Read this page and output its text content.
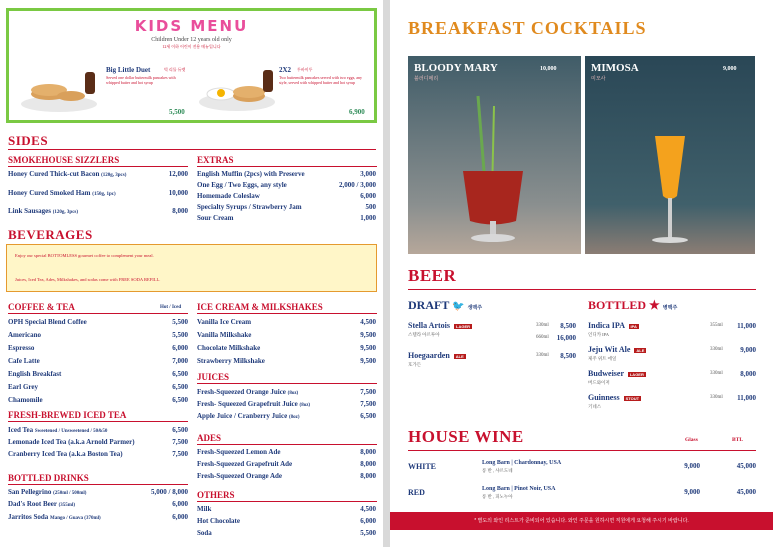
KIDS MENU
Children Under 12 years old only
12세 이하 어린이 전용 메뉴입니다
Big Little Duet	빅 리틀 듀엣
Served one dollar buttermilk pancakes with whipped butter and hot syrup
5,500
2X2 투바이투
Two buttermilk pancakes served with two eggs, any style, served with whipped butter and hot syrup
6,900
SIDES
SMOKEHOUSE SIZZLERS
Honey Cured Thick-cut Bacon (120g, 3pcs)	12,000
Honey Cured Smoked Ham (150g, 1pc)	10,000
Link Sausages (120g, 3pcs)	8,000
EXTRAS
English Muffin (2pcs) with Preserve	3,000
One Egg / Two Eggs, any style	2,000 / 3,000
Homemade Coleslaw	6,000
Specialty Syrups / Strawberry Jam	500
Sour Cream	1,000
BEVERAGES
Enjoy our special BOTTOMLESS gourmet coffee to complement your meal.
Juices, Iced Tea, Ades, Milkshakes, and sodas come with FREE SODA REFILL.
COFFEE & TEA	Hot / Iced
OPH Special Blend Coffee	5,500
Americano	5,500
Espresso	6,000
Cafe Latte	7,000
English Breakfast	6,500
Earl Grey	6,500
Chamomile	6,500
FRESH-BREWED ICED TEA
Iced Tea Sweetened / Unsweetened / 50&50	6,500
Lemonade Iced Tea (a.k.a Arnold Parmer)	7,500
Cranberry Iced Tea (a.k.a Boston Tea)	7,500
BOTTLED DRINKS
San Pellegrino (250ml / 500ml)	5,000 / 8,000
Dad's Root Beer (355ml)	6,000
Jarritos Soda Mango / Guava (370ml)	6,000
ICE CREAM & MILKSHAKES
Vanilla Ice Cream	4,500
Vanilla Milkshake	9,500
Chocolate Milkshake	9,500
Strawberry Milkshake	9,500
JUICES
Fresh-Squeezed Orange Juice (8oz)	7,500
Fresh- Squeezed Grapefruit Juice (8oz)	7,500
Apple Juice / Cranberry Juice (8oz)	6,500
ADES
Fresh-Squeezed Lemon Ade	8,000
Fresh-Squeezed Grapefruit Ade	8,000
Fresh-Squeezed Orange Ade	8,000
OTHERS
Milk	4,500
Hot Chocolate	6,000
Soda	5,500
BREAKFAST COCKTAILS
BLOODY MARY
블러디메리
10,000	MIMOSA
미모사
9,000
BEER
DRAFT 🐦 생맥주
Stella Artois LAGER
스텔라 아르투아
330ml	8,500
660ml	16,000
Hoegaarden ALE
호가든
330ml	8,500
BOTTLED ★ 병맥주
Indica IPA IPA
인디카 IPA
355ml	11,000
Jeju Wit Ale ALE
제주 위트 에일
330ml	9,000
Budweiser LAGER
버드와이저
330ml	8,000
Guinness STOUT
기네스
330ml	11,000
HOUSE WINE	Glass	BTL
WHITE	Long Barn | Chardonnay, USA
롱 반 , 샤르도네
9,000	45,000
RED	Long Barn | Pinot Noir, USA
롱 반 , 피노누아
9,000	45,000
* 별도의 와인 리스트가 준비되어 있습니다. 와인 주문을 원하시면 직원에게 요청해 주시기 바랍니다.
